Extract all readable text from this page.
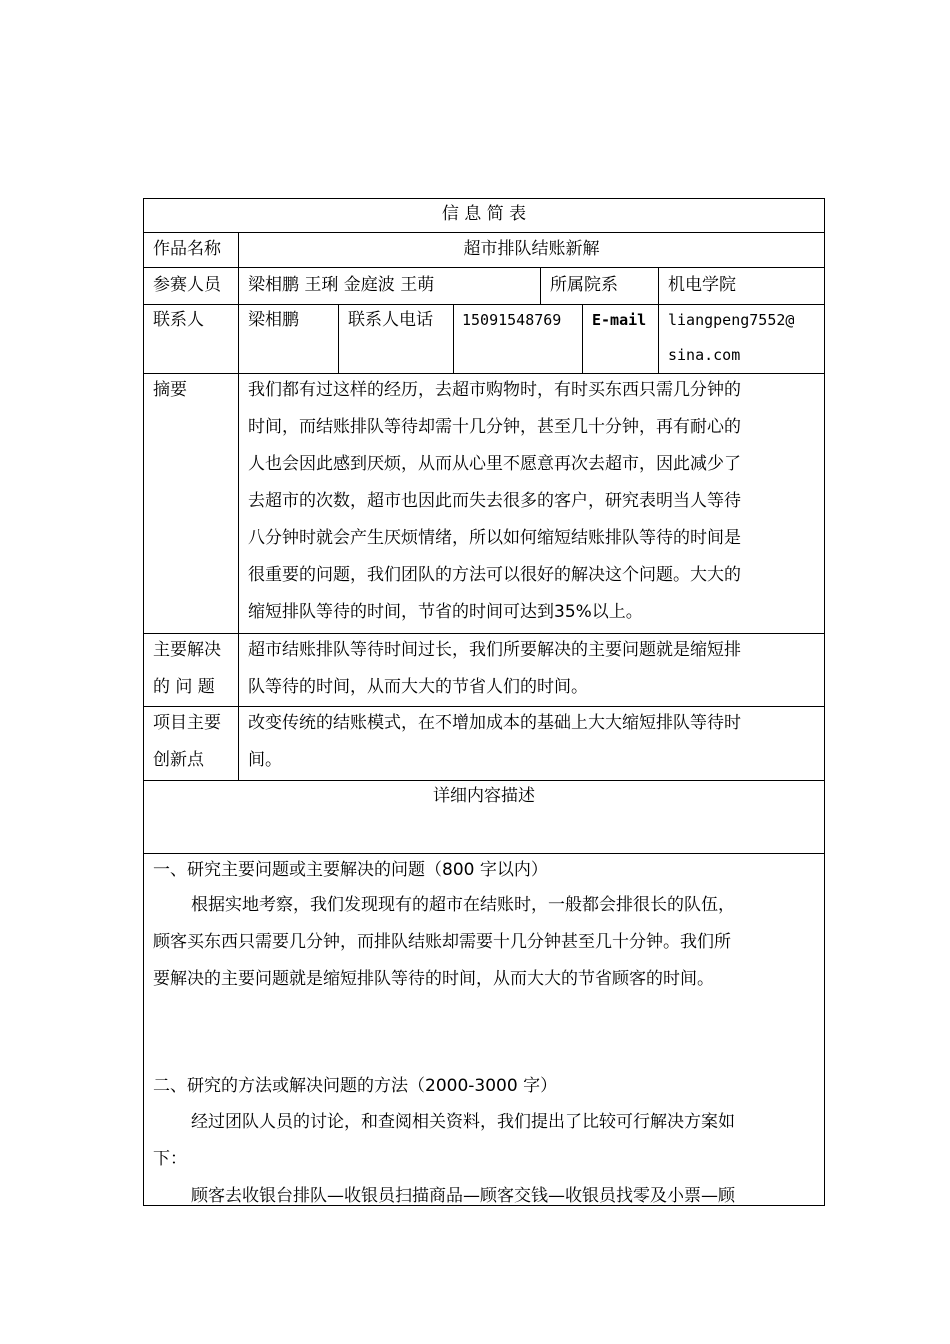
信 息 简 表
作品名称	超市排队结账新解
参赛人员 梁相鹏 王琍 金庭波 王萌	所属院系	机电学院
联系人	梁相鹏	联系人电话 15091548769 E-mail liangpeng7552@
sina.com
摘要	我们都有过这样的经历，去超市购物时，有时买东西只需几分钟的
时间，而结账排队等待却需十几分钟，甚至几十分钟，再有耐心的
人也会因此感到厌烦，从而从心里不愿意再次去超市，因此减少了
去超市的次数，超市也因此而失去很多的客户，研究表明当人等待
八分钟时就会产生厌烦情绪，所以如何缩短结账排队等待的时间是
很重要的问题，我们团队的方法可以很好的解决这个问题。大大的
缩短排队等待的时间，节省的时间可达到35%以上。
主要解决
的 问 题
超市结账排队等待时间过长，我们所要解决的主要问题就是缩短排
队等待的时间，从而大大的节省人们的时间。
项目主要
创新点
改变传统的结账模式，在不增加成本的基础上大大缩短排队等待时
间。
详细内容描述
一、研究主要问题或主要解决的问题（800 字以内）
根据实地考察，我们发现现有的超市在结账时，一般都会排很长的队伍，
顾客买东西只需要几分钟，而排队结账却需要十几分钟甚至几十分钟。我们所
要解决的主要问题就是缩短排队等待的时间，从而大大的节省顾客的时间。
二、研究的方法或解决问题的方法（2000-3000 字）
经过团队人员的讨论，和查阅相关资料，我们提出了比较可行解决方案如
下：
顾客去收银台排队—收银员扫描商品—顾客交钱—收银员找零及小票—顾
